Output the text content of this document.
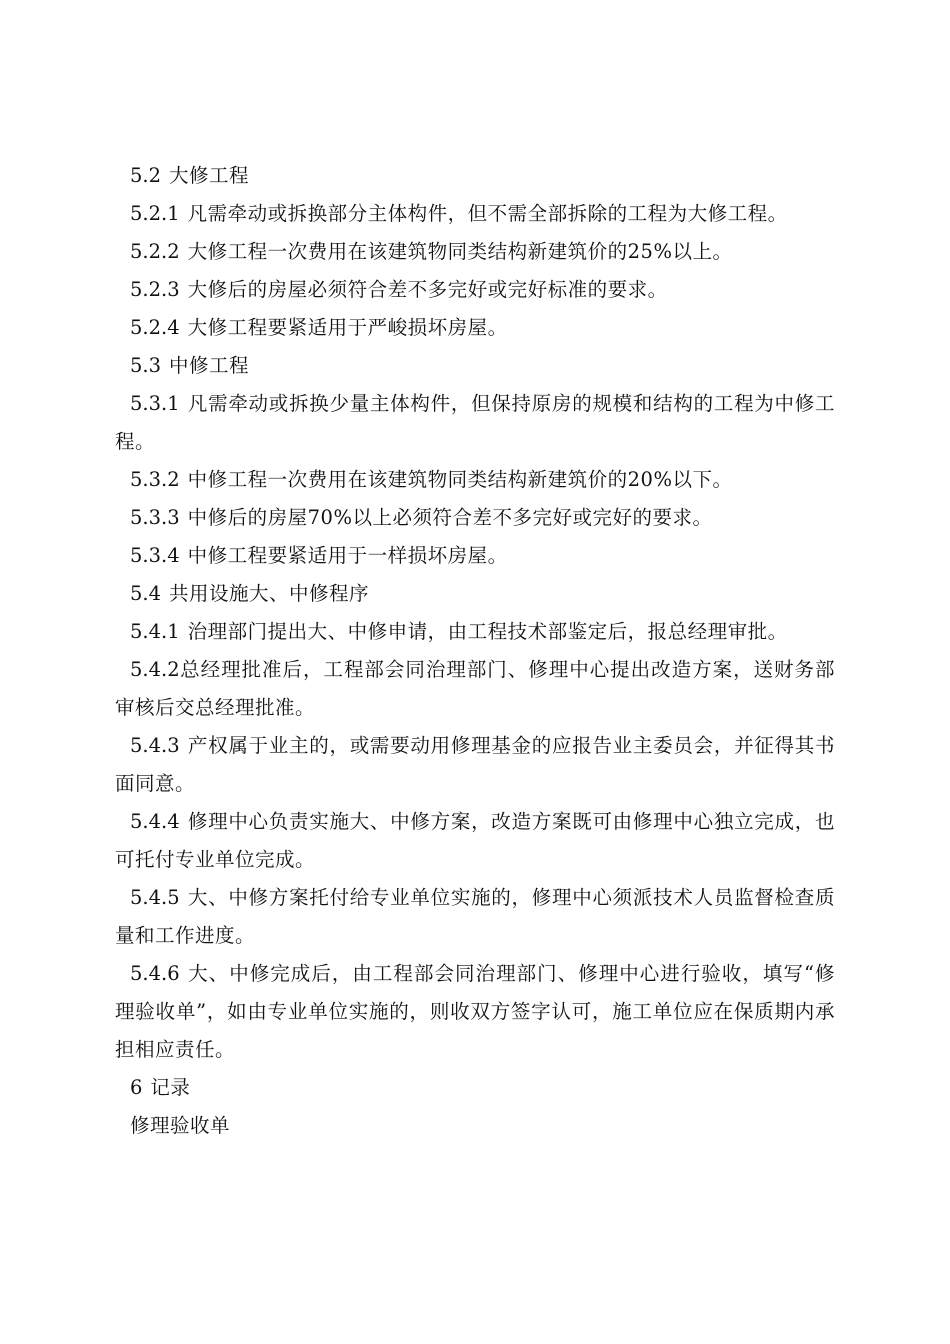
5.2 大修工程

5.2.1 凡需牵动或拆换部分主体构件，但不需全部拆除的工程为大修工程。

5.2.2 大修工程一次费用在该建筑物同类结构新建筑价的25%以上。

5.2.3 大修后的房屋必须符合差不多完好或完好标准的要求。

5.2.4 大修工程要紧适用于严峻损坏房屋。

5.3 中修工程

5.3.1 凡需牵动或拆换少量主体构件，但保持原房的规模和结构的工程为中修工程。

5.3.2 中修工程一次费用在该建筑物同类结构新建筑价的20%以下。

5.3.3 中修后的房屋70%以上必须符合差不多完好或完好的要求。

5.3.4 中修工程要紧适用于一样损坏房屋。

5.4 共用设施大、中修程序

5.4.1 治理部门提出大、中修申请，由工程技术部鉴定后，报总经理审批。

5.4.2总经理批准后，工程部会同治理部门、修理中心提出改造方案，送财务部审核后交总经理批准。

5.4.3 产权属于业主的，或需要动用修理基金的应报告业主委员会，并征得其书面同意。

5.4.4 修理中心负责实施大、中修方案，改造方案既可由修理中心独立完成，也可托付专业单位完成。

5.4.5 大、中修方案托付给专业单位实施的，修理中心须派技术人员监督检查质量和工作进度。

5.4.6 大、中修完成后，由工程部会同治理部门、修理中心进行验收，填写“修理验收单”，如由专业单位实施的，则收双方签字认可，施工单位应在保质期内承担相应责任。

6 记录

修理验收单
